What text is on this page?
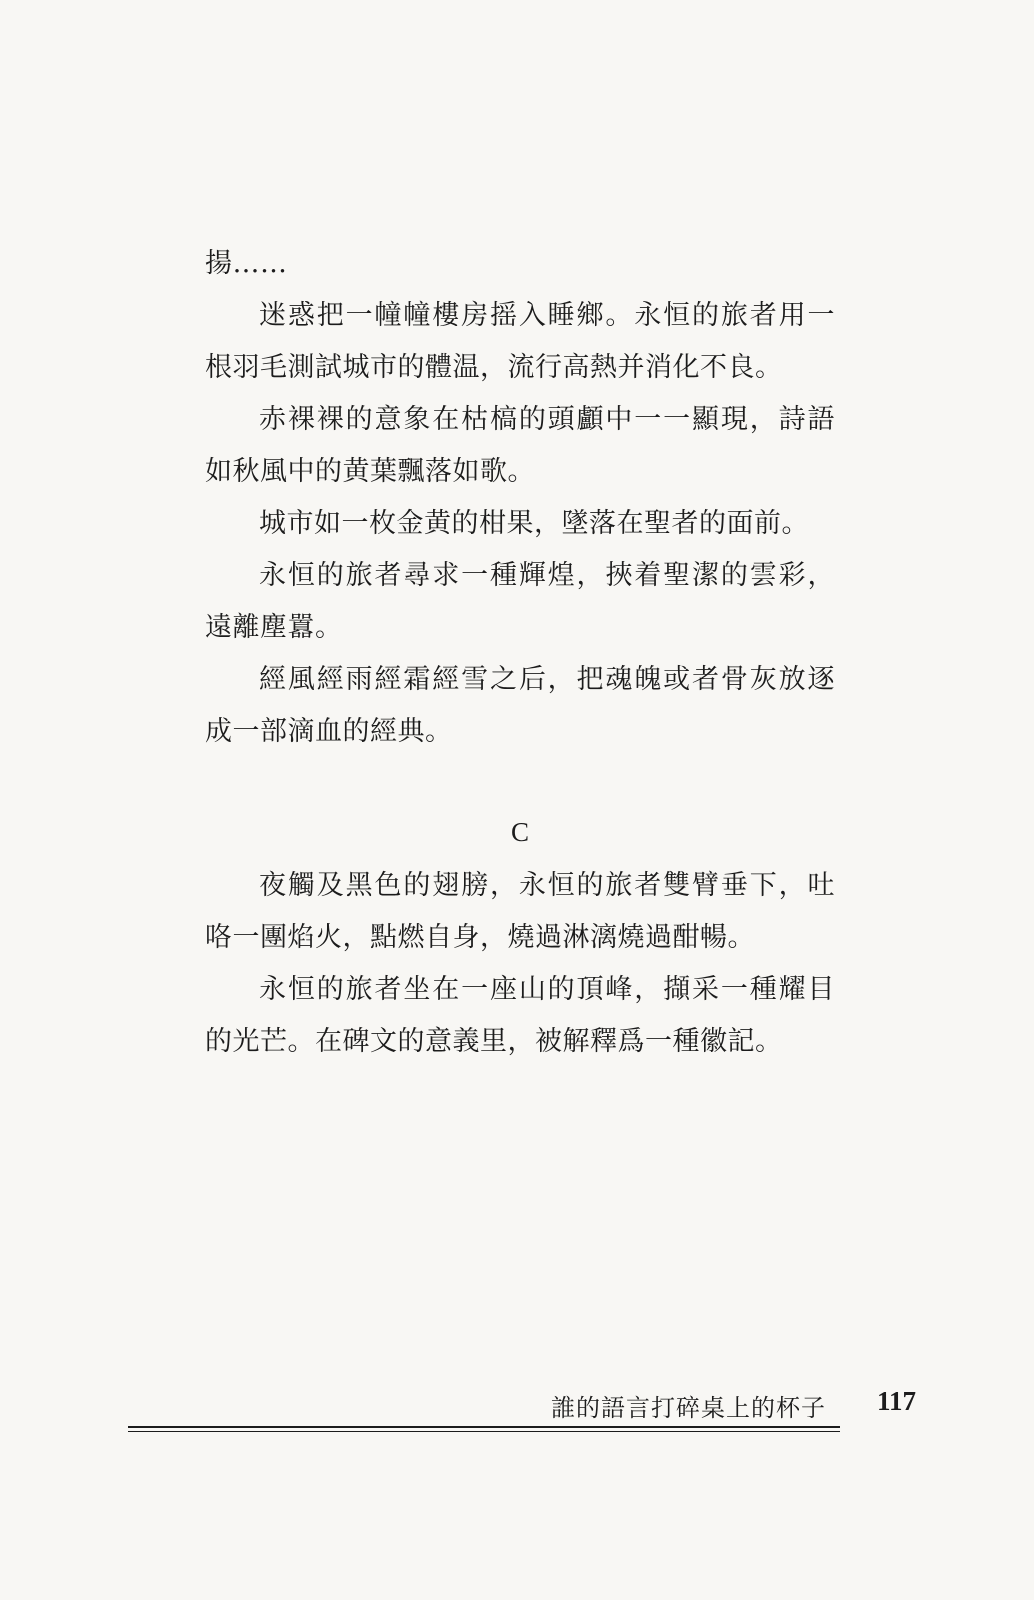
揚……

迷惑把一幢幢樓房摇入睡鄉。永恒的旅者用一根羽毛測試城市的體温，流行高熱并消化不良。

赤裸裸的意象在枯槁的頭顱中一一顯現，詩語如秋風中的黄葉飄落如歌。

城市如一枚金黄的柑果，墜落在聖者的面前。

永恒的旅者尋求一種輝煌，挾着聖潔的雲彩，遠離塵囂。

經風經雨經霜經雪之后，把魂魄或者骨灰放逐成一部滴血的經典。

C

夜觸及黑色的翅膀，永恒的旅者雙臂垂下，吐咯一團焰火，點燃自身，燒過淋漓燒過酣暢。

永恒的旅者坐在一座山的頂峰，擷采一種耀目的光芒。在碑文的意義里，被解釋爲一種徽記。

誰的語言打碎桌上的杯子 117
